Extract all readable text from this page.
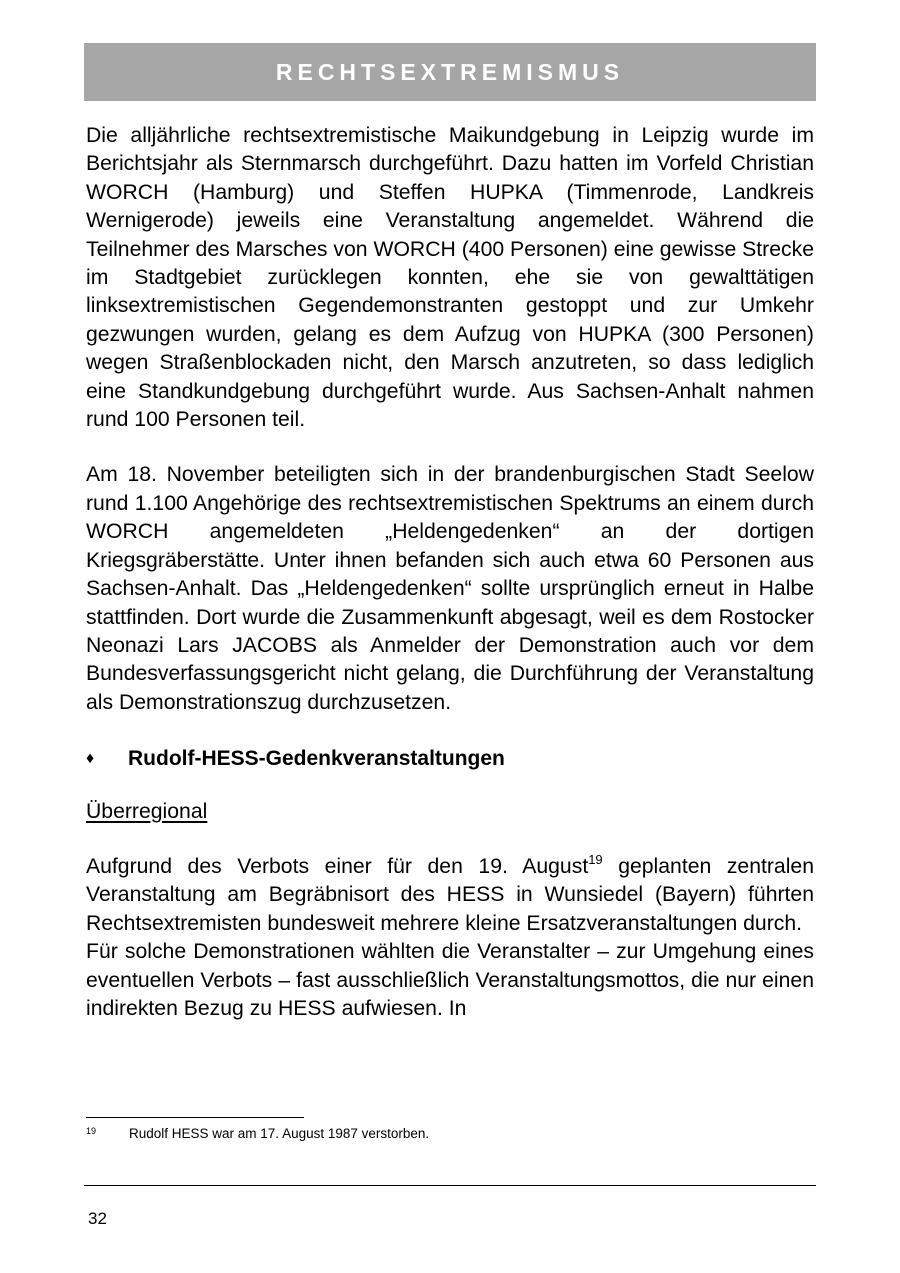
RECHTSEXTREMISMUS

Die alljährliche rechtsextremistische Maikundgebung in Leipzig wurde im Berichtsjahr als Sternmarsch durchgeführt. Dazu hatten im Vorfeld Christian WORCH (Hamburg) und Steffen HUPKA (Timmenrode, Landkreis Wernigerode) jeweils eine Veranstaltung angemeldet. Während die Teilnehmer des Marsches von WORCH (400 Personen) eine gewisse Strecke im Stadtgebiet zurücklegen konnten, ehe sie von gewalttätigen linksextremistischen Gegendemonstranten gestoppt und zur Umkehr gezwungen wurden, gelang es dem Aufzug von HUPKA (300 Personen) wegen Straßenblockaden nicht, den Marsch anzutreten, so dass lediglich eine Standkundgebung durchgeführt wurde. Aus Sachsen-Anhalt nahmen rund 100 Personen teil.

Am 18. November beteiligten sich in der brandenburgischen Stadt Seelow rund 1.100 Angehörige des rechtsextremistischen Spektrums an einem durch WORCH angemeldeten „Heldengedenken“ an der dortigen Kriegsgräberstätte. Unter ihnen befanden sich auch etwa 60 Personen aus Sachsen-Anhalt. Das „Heldengedenken“ sollte ursprünglich erneut in Halbe stattfinden. Dort wurde die Zusammenkunft abgesagt, weil es dem Rostocker Neonazi Lars JACOBS als Anmelder der Demonstration auch vor dem Bundesverfassungsgericht nicht gelang, die Durchführung der Veranstaltung als Demonstrationszug durchzusetzen.

♦	Rudolf-HESS-Gedenkveranstaltungen
Überregional

Aufgrund des Verbots einer für den 19. August$^{19}$ geplanten zentralen Veranstaltung am Begräbnisort des HESS in Wunsiedel (Bayern) führten Rechtsextremisten bundesweit mehrere kleine Ersatzveranstaltungen durch.

Für solche Demonstrationen wählten die Veranstalter – zur Umgehung eines eventuellen Verbots – fast ausschließlich Veranstaltungsmottos, die nur einen indirekten Bezug zu HESS aufwiesen. In

19	Rudolf HESS war am 17. August 1987 verstorben.
32
